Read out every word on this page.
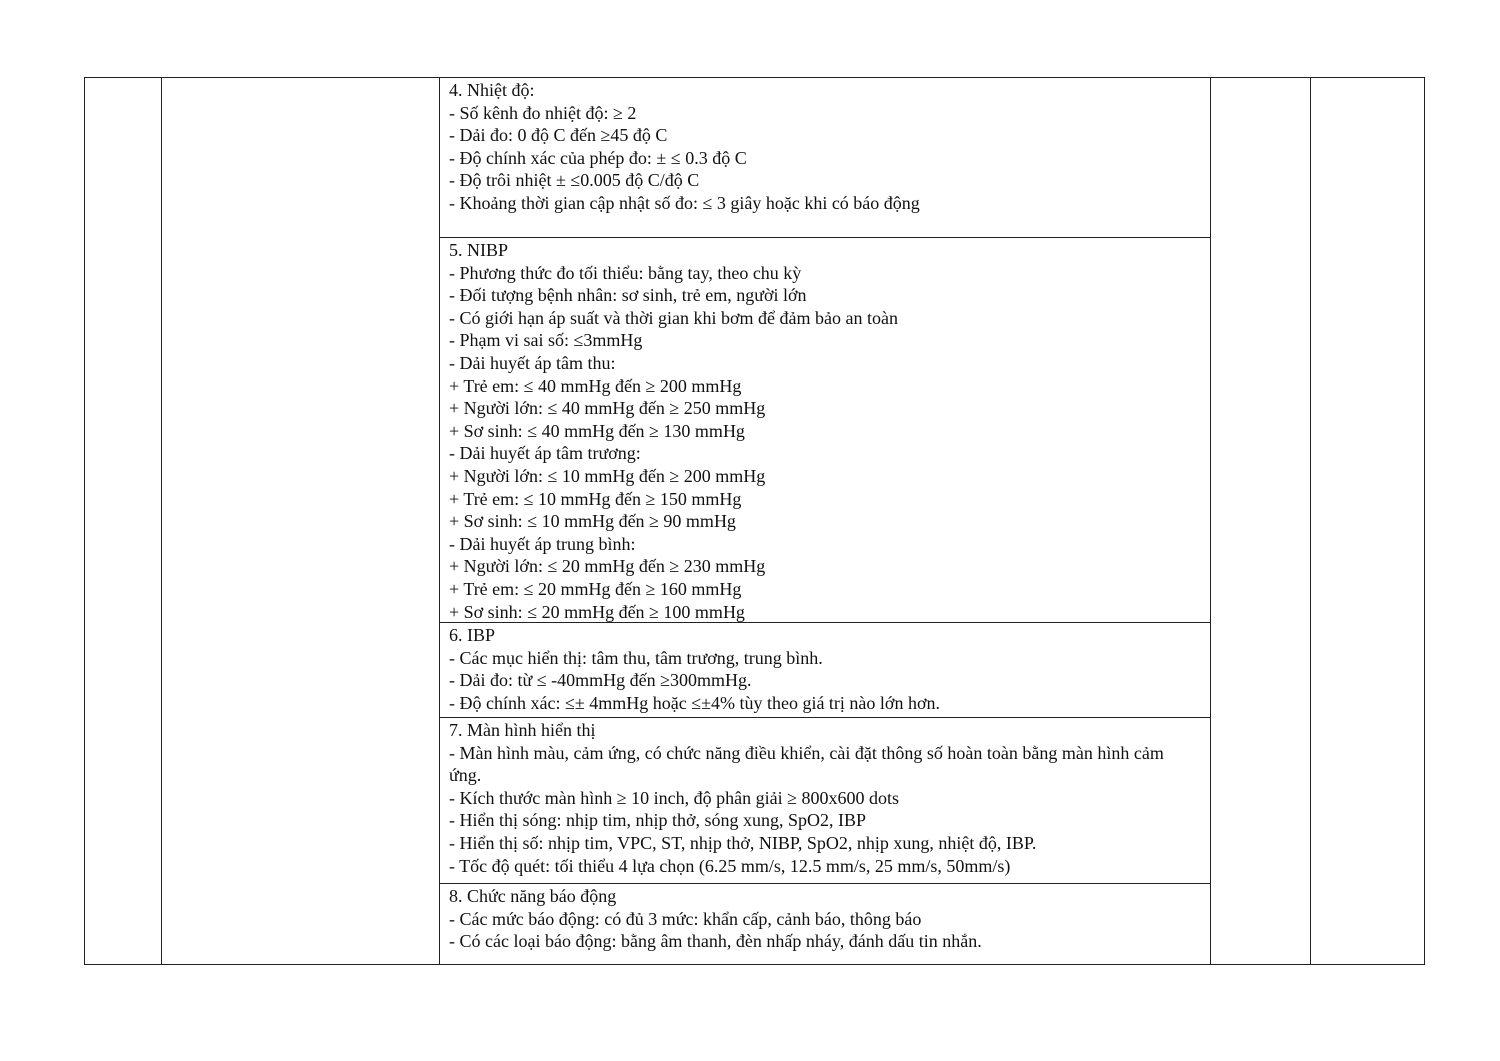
4. Nhiệt độ:
- Số kênh đo nhiệt độ: ≥ 2
- Dải đo: 0 độ C đến ≥45 độ C
- Độ chính xác của phép đo: ± ≤ 0.3 độ C
- Độ trôi nhiệt ± ≤0.005 độ C/độ C
- Khoảng thời gian cập nhật số đo: ≤ 3 giây hoặc khi có báo động
5. NIBP
- Phương thức đo tối thiểu: bằng tay, theo chu kỳ
- Đối tượng bệnh nhân: sơ sinh, trẻ em, người lớn
- Có giới hạn áp suất và thời gian khi bơm để đảm bảo an toàn
- Phạm vi sai số: ≤3mmHg
- Dải huyết áp tâm thu:
+ Trẻ em: ≤ 40 mmHg đến ≥ 200 mmHg
+ Người lớn: ≤ 40 mmHg đến ≥ 250 mmHg
+ Sơ sinh: ≤ 40 mmHg đến ≥ 130 mmHg
- Dải huyết áp tâm trương:
+ Người lớn: ≤ 10 mmHg đến ≥ 200 mmHg
+ Trẻ em: ≤ 10 mmHg đến ≥ 150 mmHg
+ Sơ sinh: ≤ 10 mmHg đến ≥ 90 mmHg
- Dải huyết áp trung bình:
+ Người lớn: ≤ 20 mmHg đến ≥ 230 mmHg
+ Trẻ em: ≤ 20 mmHg đến ≥ 160 mmHg
+ Sơ sinh: ≤ 20 mmHg đến ≥ 100 mmHg
6. IBP
- Các mục hiển thị: tâm thu, tâm trương, trung bình.
- Dải đo: từ ≤ -40mmHg đến ≥300mmHg.
- Độ chính xác: ≤± 4mmHg hoặc ≤±4% tùy theo giá trị nào lớn hơn.
7. Màn hình hiển thị
- Màn hình màu, cảm ứng, có chức năng điều khiển, cài đặt thông số hoàn toàn bằng màn hình cảm ứng.
- Kích thước màn hình ≥ 10 inch, độ phân giải ≥ 800x600 dots
- Hiển thị sóng: nhịp tim, nhịp thở, sóng xung, SpO2, IBP
- Hiển thị số: nhịp tim, VPC, ST, nhịp thở, NIBP, SpO2, nhịp xung, nhiệt độ, IBP.
- Tốc độ quét: tối thiểu 4 lựa chọn (6.25 mm/s, 12.5 mm/s, 25 mm/s, 50mm/s)
8. Chức năng báo động
- Các mức báo động: có đủ 3 mức: khẩn cấp, cảnh báo, thông báo
- Có các loại báo động: bằng âm thanh, đèn nhấp nháy, đánh dấu tin nhắn.
